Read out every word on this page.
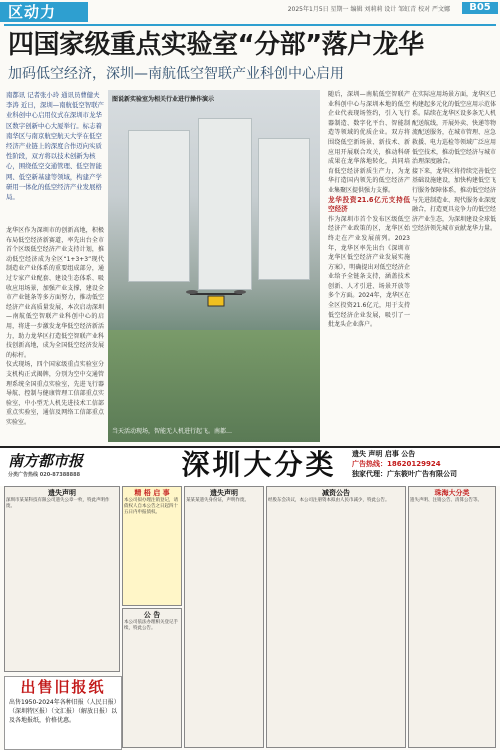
区动力	2025年1月5日 星期一 编辑 刘莉莉 设计 邹虹青 校对 严文娜	B05
四国家级重点实验室“分部”落户龙华
加码低空经济，深圳—南航低空智联产业科创中心启用
南都讯 记者张小玲 通讯员曹健夫 李涛 近日，深圳—南航低空智联产业科创中心启用仪式在深圳市龙华区数字创新中心大厦举行。标志着南华区与南京航空航天大学在低空经济产业链上的深度合作迈向实质性阶段，双方将以技术创新为核心，围绕低空交通管理、低空智能网、低空新基建等领域，构建产学研用一体化的低空经济产业发展格局。
图说新实验室为相关行业进行操作演示
当天活动现场，智能无人机进行起飞。南都…
龙华区作为深圳市的创新高地，积极布局低空经济新赛道，率先出台全市首个区级低空经济产业支持计划，推动低空经济成为全区“1+3+3”现代制造业产业体系的重要组成部分，通过专家产业配套、建设生态体系、吸收应用场景，加强产业支撑，建设全市产业链条等多方面努力，推动低空经济产业高质量发展，本次启动深圳—南航低空智联产业科创中心的启用，将进一步激发龙华低空经济新活力，助力龙华区打造低空智联产业科技创新高地，成为全国低空经济发展的标杆。
仪式现场，四个国家级重点实验室分支机构正式揭牌，分别为空中交通管理系统全国重点实验室，先进飞行器导航、控制与健康管理工信部重点实验室，中小型无人机先进技术工信部重点实验室，通信及网络工信部重点实验室。
随后，深圳—南航低空智联产业科创中心与深圳本地的低空企业代表现场签约，引入飞行器制造、数字化平台、智能制造等领域的优质企业。双方将围绕低空新场景、新技术、新应用开展联合攻关，推动科研成果在龙华落地转化，共同培育低空经济新质生产力，为龙华打造国内领先的低空经济产业集聚区提供强力支撑。
龙华投资21.6亿元支持低空经济
作为深圳市首个发布区级低空经济产业政策的区，龙华区始终走在产业发展前列。2023年，龙华区率先出台《深圳市龙华区低空经济产业发展实施方案》，明确提出对低空经济企业给予全链条支持，涵盖技术创新、人才引进、场景开放等多个方面。2024年，龙华区在全区投资21.6亿元，用于支持低空经济企业发展，吸引了一批龙头企业落户。
在实际应用场景方面，龙华区已构建起多元化的低空应用示范体系。陆续在龙华区设多条无人机配送航线，开展外卖、快递等物流配送服务，在城市管理、应急救援、电力巡检等领域广泛应用低空技术，推动低空经济与城市治理深度融合。
接下来，龙华区将持续完善低空基础设施建设，加快构建低空飞行服务保障体系，推动低空经济与先进制造业、现代服务业深度融合，打造更具竞争力的低空经济产业生态，为深圳建设全球低空经济领先城市贡献龙华力量。
南方都市报
分类广告热线 020-87388888	深圳大分类	遗失 声明 启事 公告
广告热线：18620129924
独家代理：广东筱叶广告有限公司
遗失声明
深圳市某某科技有限公司遗失公章一枚，特此声明作废。
精 梧 启 事
本公司拟办理注销登记，请债权人自本公告之日起四十五日内申报债权。
遗失声明
某某某遗失身份证，声明作废。
减资公告
经股东会决议，本公司注册资本拟由人民币减少，特此公告。
珠海大分类
遗失声明、注销公告、清算公告等。
公 告
本公司依法办理相关登记手续，特此公告。
出售旧报纸
出售1950-2024年各种旧报（人民日报）（深圳特区报）（文汇报）（解放日报）以及各地报纸，价格优惠。
